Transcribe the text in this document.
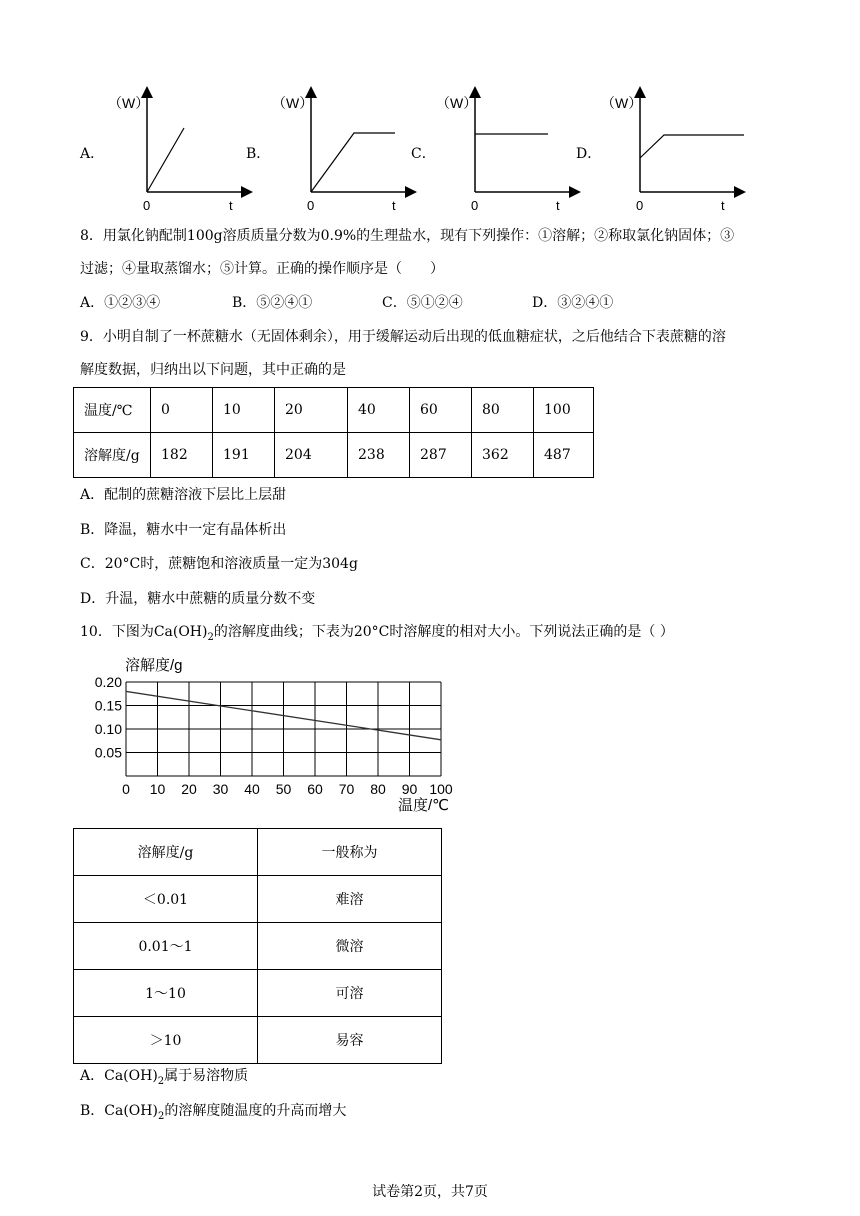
A．	B．	C．	D．
（W）
0	t
（W）
0	t
（W）
0	t
（W）
0	t
8．用氯化钠配制100g溶质质量分数为0.9%的生理盐水，现有下列操作：①溶解；②称取氯化钠固体；③
过滤；④量取蒸馏水；⑤计算。正确的操作顺序是（　　）
A．①②③④	B．⑤②④①	C．⑤①②④	D．③②④①
9．小明自制了一杯蔗糖水（无固体剩余），用于缓解运动后出现的低血糖症状，之后他结合下表蔗糖的溶
解度数据，归纳出以下问题，其中正确的是
温度/℃	0	10	20	40	60	80	100
溶解度/g	182	191	204	238	287	362	487
A．配制的蔗糖溶液下层比上层甜
B．降温，糖水中一定有晶体析出
C．20°C时，蔗糖饱和溶液质量一定为304g
D．升温，糖水中蔗糖的质量分数不变
10．下图为$Ca(OH)_2$的溶解度曲线；下表为20°C时溶解度的相对大小。下列说法正确的是（ ）
溶解度/g
温度/℃
0 10 20 30 40 50 60 70 80 90 100
0.20
0.15
0.10
0.05
溶解度/g	一般称为
＜0.01	难溶
0.01～1	微溶
1～10	可溶
＞10	易容
A．$Ca(OH)_2$属于易溶物质
B．$Ca(OH)_2$的溶解度随温度的升高而增大
试卷第2页，共7页
